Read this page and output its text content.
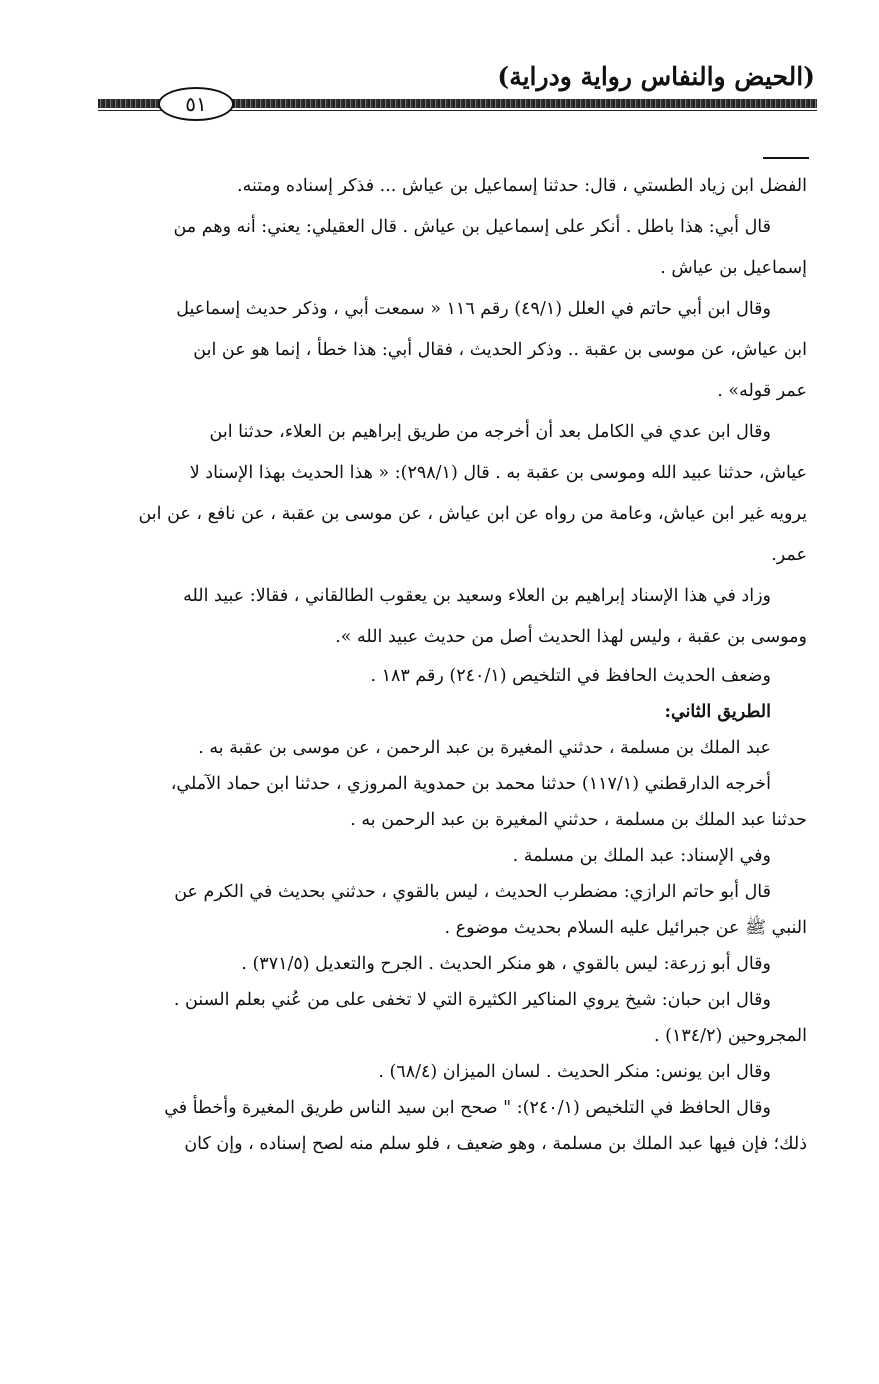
(الحيض والنفاس رواية ودراية)
٥١
الفضل ابن زياد الطستي ، قال: حدثنا إسماعيل بن عياش ... فذكر إسناده ومتنه.
قال أبي: هذا باطل . أنكر على إسماعيل بن عياش . قال العقيلي: يعني: أنه وهم من
إسماعيل بن عياش .
وقال ابن أبي حاتم في العلل (٤٩/١) رقم ١١٦ « سمعت أبي ، وذكر حديث إسماعيل
ابن عياش، عن موسى بن عقبة .. وذكر الحديث ، فقال أبي: هذا خطأ ، إنما هو عن ابن
عمر قوله» .
وقال ابن عدي في الكامل بعد أن أخرجه من طريق إبراهيم بن العلاء، حدثنا ابن
عياش، حدثنا عبيد الله وموسى بن عقبة به . قال (٢٩٨/١): « هذا الحديث بهذا الإسناد لا
يرويه غير ابن عياش، وعامة من رواه عن ابن عياش ، عن موسى بن عقبة ، عن نافع ، عن ابن
عمر.
وزاد في هذا الإسناد إبراهيم بن العلاء وسعيد بن يعقوب الطالقاني ، فقالا: عبيد الله
وموسى بن عقبة ، وليس لهذا الحديث أصل من حديث عبيد الله ».
وضعف الحديث الحافظ في التلخيص (٢٤٠/١) رقم ١٨٣ .
الطريق الثاني:
عبد الملك بن مسلمة ، حدثني المغيرة بن عبد الرحمن ، عن موسى بن عقبة به .
أخرجه الدارقطني (١١٧/١) حدثنا محمد بن حمدوية المروزي ، حدثنا ابن حماد الآملي،
حدثنا عبد الملك بن مسلمة ، حدثني المغيرة بن عبد الرحمن به .
وفي الإسناد: عبد الملك بن مسلمة .
قال أبو حاتم الرازي: مضطرب الحديث ، ليس بالقوي ، حدثني بحديث في الكرم عن
النبي ﷺ عن جبرائيل عليه السلام بحديث موضوع .
وقال أبو زرعة: ليس بالقوي ، هو منكر الحديث . الجرح والتعديل (٣٧١/٥) .
وقال ابن حبان: شيخ يروي المناكير الكثيرة التي لا تخفى على من عُني بعلم السنن .
المجروحين (١٣٤/٢) .
وقال ابن يونس: منكر الحديث . لسان الميزان (٦٨/٤) .
وقال الحافظ في التلخيص (٢٤٠/١): " صحح ابن سيد الناس طريق المغيرة وأخطأ في
ذلك؛ فإن فيها عبد الملك بن مسلمة ، وهو ضعيف ، فلو سلم منه لصح إسناده ، وإن كان
